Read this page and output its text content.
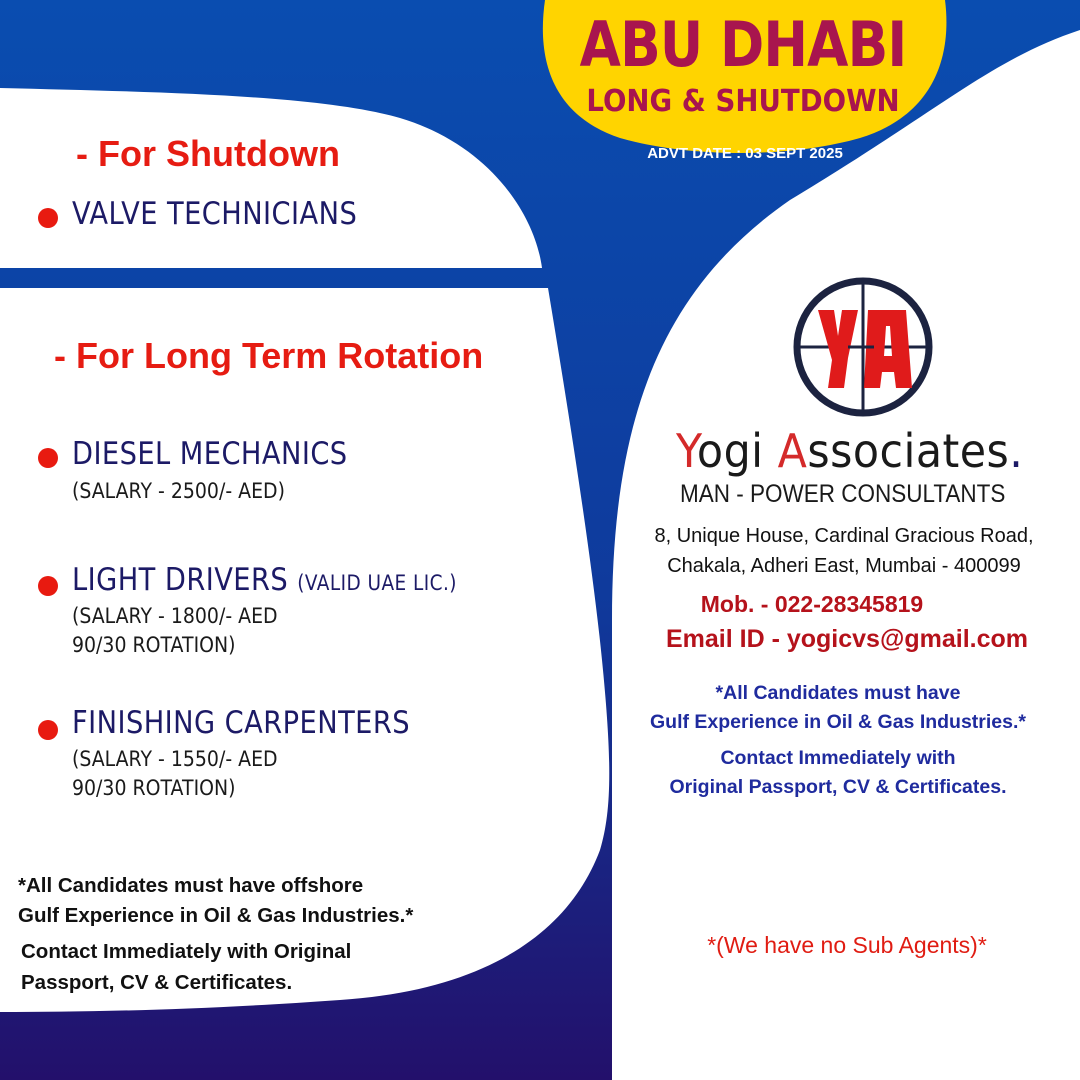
ABU DHABI
LONG & SHUTDOWN
ADVT DATE : 03 SEPT 2025
- For Shutdown
VALVE TECHNICIANS
- For Long Term Rotation
DIESEL MECHANICS
(SALARY - 2500/- AED)
LIGHT DRIVERS (VALID UAE LIC.)
(SALARY - 1800/- AED
90/30 ROTATION)
FINISHING CARPENTERS
(SALARY - 1550/- AED
90/30 ROTATION)
*All Candidates must have offshore
Gulf Experience in Oil & Gas Industries.*
Contact Immediately with Original
Passport, CV & Certificates.
Yogi Associates.
MAN - POWER CONSULTANTS
8, Unique House, Cardinal Gracious Road,
Chakala, Adheri East, Mumbai - 400099
Mob. - 022-28345819
Email ID - yogicvs@gmail.com
*All Candidates must have
Gulf Experience in Oil & Gas Industries.*
Contact Immediately with
Original Passport, CV & Certificates.
*(We have no Sub Agents)*
